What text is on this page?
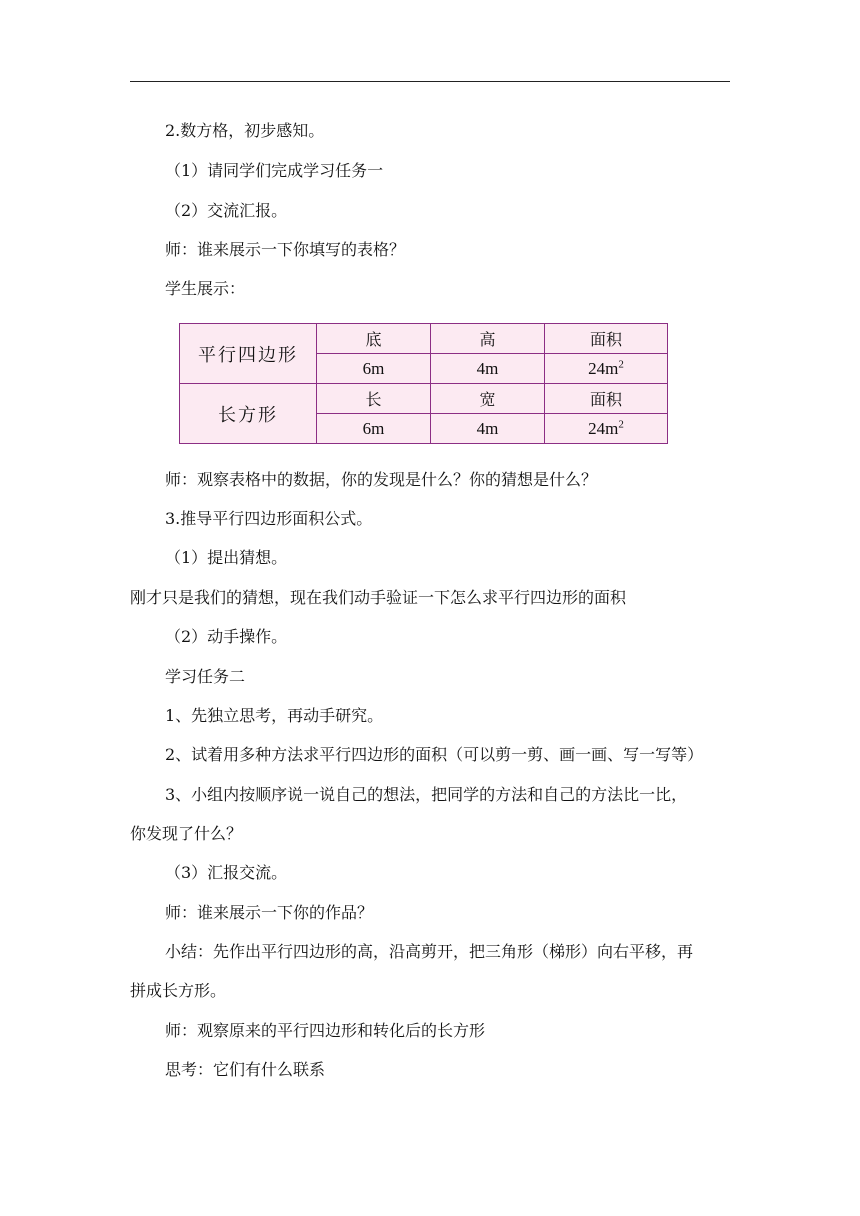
2.数方格，初步感知。

（1）请同学们完成学习任务一

（2）交流汇报。

师：谁来展示一下你填写的表格？

学生展示：

平行四边形	底	高	面积
	6m	4m	$24m^2$
长方形	长	宽	面积
	6m	4m	$24m^2$

师：观察表格中的数据，你的发现是什么？你的猜想是什么？

3.推导平行四边形面积公式。

（1）提出猜想。

刚才只是我们的猜想，现在我们动手验证一下怎么求平行四边形的面积

（2）动手操作。

学习任务二

1、先独立思考，再动手研究。

2、试着用多种方法求平行四边形的面积（可以剪一剪、画一画、写一写等）

3、小组内按顺序说一说自己的想法，把同学的方法和自己的方法比一比，

你发现了什么？

（3）汇报交流。

师：谁来展示一下你的作品？

小结：先作出平行四边形的高，沿高剪开，把三角形（梯形）向右平移，再

拼成长方形。

师：观察原来的平行四边形和转化后的长方形

思考：它们有什么联系
